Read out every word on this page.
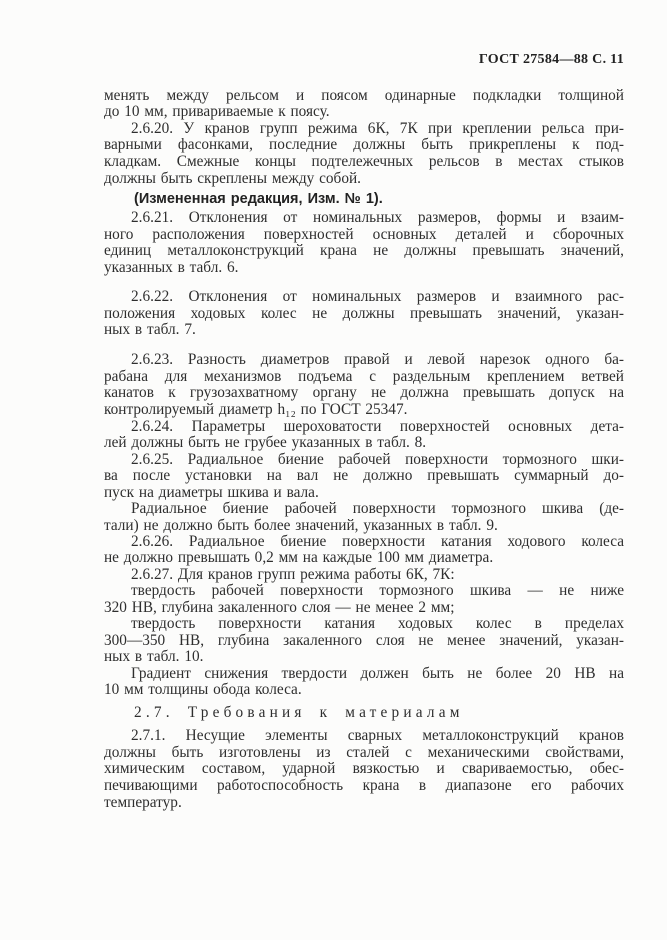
ГОСТ 27584—88 С. 11
менять между рельсом и поясом одинарные подкладки толщиной
до 10 мм, привариваемые к поясу.
2.6.20. У кранов групп режима 6К, 7К при креплении рельса при-
варными фасонками, последние должны быть прикреплены к под-
кладкам. Смежные концы подтележечных рельсов в местах стыков
должны быть скреплены между собой.
(Измененная редакция, Изм. № 1).
2.6.21. Отклонения от номинальных размеров, формы и взаим-
ного расположения поверхностей основных деталей и сборочных
единиц металлоконструкций крана не должны превышать значений,
указанных в табл. 6.
2.6.22. Отклонения от номинальных размеров и взаимного рас-
положения ходовых колес не должны превышать значений, указан-
ных в табл. 7.
2.6.23. Разность диаметров правой и левой нарезок одного ба-
рабана для механизмов подъема с раздельным креплением ветвей
канатов к грузозахватному органу не должна превышать допуск на
контролируемый диаметр h₁₂ по ГОСТ 25347.
2.6.24. Параметры шероховатости поверхностей основных дета-
лей должны быть не грубее указанных в табл. 8.
2.6.25. Радиальное биение рабочей поверхности тормозного шки-
ва после установки на вал не должно превышать суммарный до-
пуск на диаметры шкива и вала.
Радиальное биение рабочей поверхности тормозного шкива (де-
тали) не должно быть более значений, указанных в табл. 9.
2.6.26. Радиальное биение поверхности катания ходового колеса
не должно превышать 0,2 мм на каждые 100 мм диаметра.
2.6.27. Для кранов групп режима работы 6К, 7К:
твердость рабочей поверхности тормозного шкива — не ниже
320 НВ, глубина закаленного слоя — не менее 2 мм;
твердость поверхности катания ходовых колес в пределах
300—350 НВ, глубина закаленного слоя не менее значений, указан-
ных в табл. 10.
Градиент снижения твердости должен быть не более 20 НВ на
10 мм толщины обода колеса.
2.7. Требования к материалам
2.7.1. Несущие элементы сварных металлоконструкций кранов
должны быть изготовлены из сталей с механическими свойствами,
химическим составом, ударной вязкостью и свариваемостью, обес-
печивающими работоспособность крана в диапазоне его рабочих
температур.
